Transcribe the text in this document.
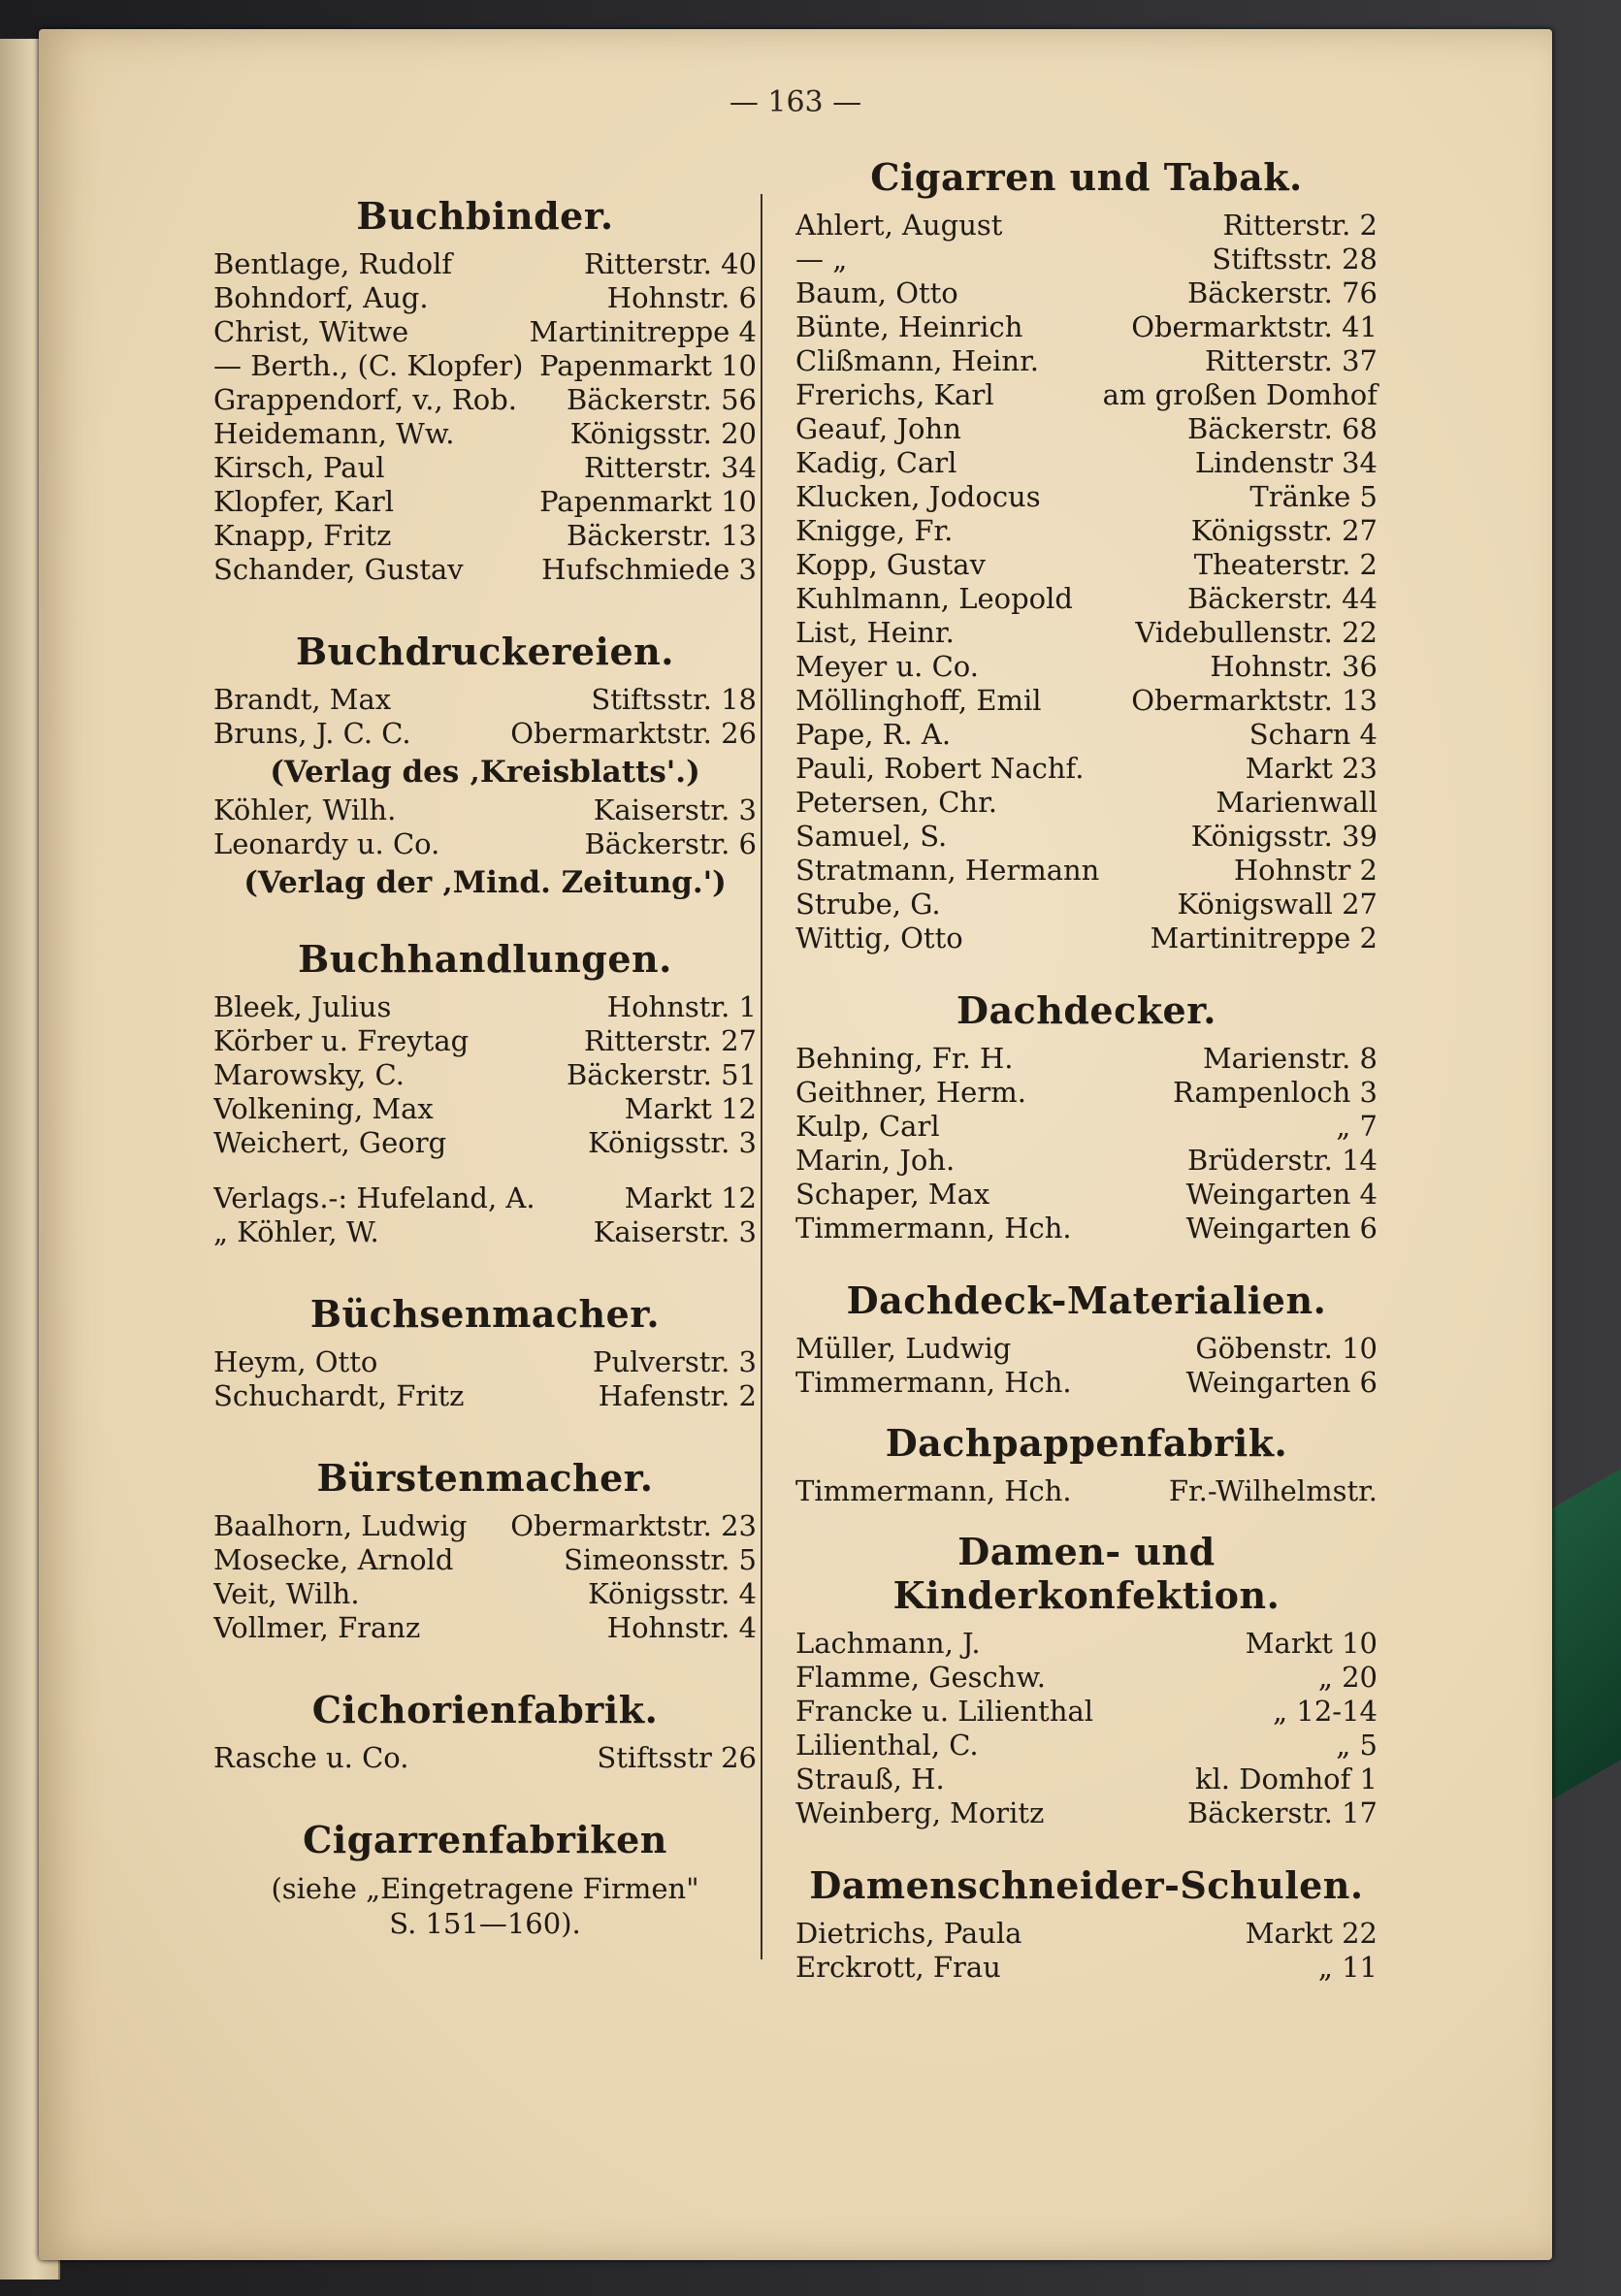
— 163 —
Buchbinder.
Bentlage, Rudolf	Ritterstr. 40
Bohndorf, Aug.	Hohnstr. 6
Christ, Witwe	Martinitreppe 4
— Berth., (C. Klopfer) Papenmarkt 10
Grappendorf, v., Rob.	Bäckerstr. 56
Heidemann, Ww.	Königsstr. 20
Kirsch, Paul	Ritterstr. 34
Klopfer, Karl	Papenmarkt 10
Knapp, Fritz	Bäckerstr. 13
Schander, Gustav	Hufschmiede 3
Buchdruckereien.
Brandt, Max	Stiftsstr. 18
Bruns, J. C. C.	Obermarktstr. 26
(Verlag des ‚Kreisblatts'.)
Köhler, Wilh.	Kaiserstr. 3
Leonardy u. Co.	Bäckerstr. 6
(Verlag der ‚Mind. Zeitung.')
Buchhandlungen.
Bleek, Julius	Hohnstr. 1
Körber u. Freytag	Ritterstr. 27
Marowsky, C.	Bäckerstr. 51
Volkening, Max	Markt 12
Weichert, Georg	Königsstr. 3
Verlags.-: Hufeland, A.	Markt 12
„ Köhler, W.	Kaiserstr. 3
Büchsenmacher.
Heym, Otto	Pulverstr. 3
Schuchardt, Fritz	Hafenstr. 2
Bürstenmacher.
Baalhorn, Ludwig	Obermarktstr. 23
Mosecke, Arnold	Simeonsstr. 5
Veit, Wilh.	Königsstr. 4
Vollmer, Franz	Hohnstr. 4
Cichorienfabrik.
Rasche u. Co.	Stiftsstr 26
Cigarrenfabriken
(siehe „Eingetragene Firmen"
S. 151—160).
Cigarren und Tabak.
Ahlert, August	Ritterstr. 2
— „	Stiftsstr. 28
Baum, Otto	Bäckerstr. 76
Bünte, Heinrich	Obermarktstr. 41
Clißmann, Heinr.	Ritterstr. 37
Frerichs, Karl	am großen Domhof
Geauf, John	Bäckerstr. 68
Kadig, Carl	Lindenstr 34
Klucken, Jodocus	Tränke 5
Knigge, Fr.	Königsstr. 27
Kopp, Gustav	Theaterstr. 2
Kuhlmann, Leopold	Bäckerstr. 44
List, Heinr.	Videbullenstr. 22
Meyer u. Co.	Hohnstr. 36
Möllinghoff, Emil	Obermarktstr. 13
Pape, R. A.	Scharn 4
Pauli, Robert Nachf.	Markt 23
Petersen, Chr.	Marienwall
Samuel, S.	Königsstr. 39
Stratmann, Hermann	Hohnstr 2
Strube, G.	Königswall 27
Wittig, Otto	Martinitreppe 2
Dachdecker.
Behning, Fr. H.	Marienstr. 8
Geithner, Herm.	Rampenloch 3
Kulp, Carl	„ 7
Marin, Joh.	Brüderstr. 14
Schaper, Max	Weingarten 4
Timmermann, Hch.	Weingarten 6
Dachdeck-Materialien.
Müller, Ludwig	Göbenstr. 10
Timmermann, Hch.	Weingarten 6
Dachpappenfabrik.
Timmermann, Hch.	Fr.-Wilhelmstr.
Damen- und Kinderkonfektion.
Lachmann, J.	Markt 10
Flamme, Geschw.	„ 20
Francke u. Lilienthal	„ 12-14
Lilienthal, C.	„ 5
Strauß, H.	kl. Domhof 1
Weinberg, Moritz	Bäckerstr. 17
Damenschneider-Schulen.
Dietrichs, Paula	Markt 22
Erckrott, Frau	„ 11
